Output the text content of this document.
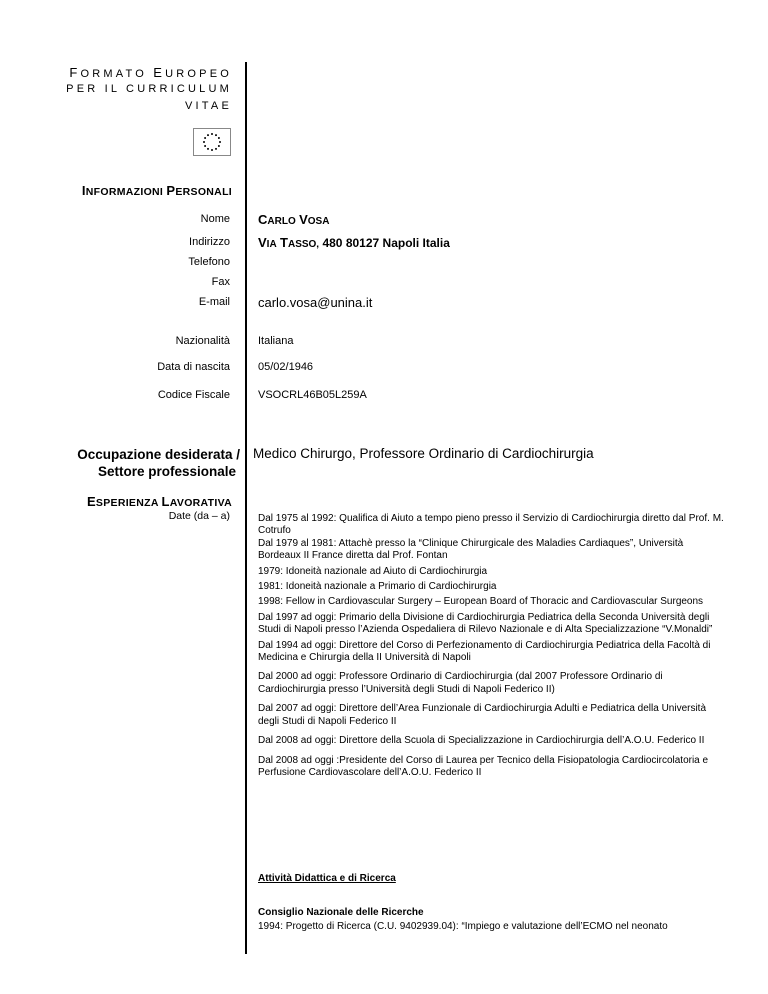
FORMATO EUROPEO
PER IL CURRICULUM
VITAE
INFORMAZIONI PERSONALI
Nome CARLO VOSA
Indirizzo VIA TASSO, 480 80127 Napoli Italia
Telefono
Fax
E-mail carlo.vosa@unina.it
Nazionalità	Italiana
Data di nascita	05/02/1946
Codice Fiscale	VSOCRL46B05L259A
Occupazione desiderata /
Settore professionale
Medico Chirurgo, Professore Ordinario di Cardiochirurgia
ESPERIENZA LAVORATIVA
Date (da – a)	Dal 1975 al 1992: Qualifica di Aiuto a tempo pieno presso il Servizio di Cardiochirurgia diretto dal Prof. M. Cotrufo
Dal 1979 al 1981: Attachè presso la “Clinique Chirurgicale des Maladies Cardiaques”, Università Bordeaux II France diretta dal Prof. Fontan
1979: Idoneità nazionale ad Aiuto di Cardiochirurgia
1981: Idoneità nazionale a Primario di Cardiochirurgia
1998: Fellow in Cardiovascular Surgery – European Board of Thoracic and Cardiovascular Surgeons
Dal 1997 ad oggi: Primario della Divisione di Cardiochirurgia Pediatrica della Seconda Università degli Studi di Napoli presso l’Azienda Ospedaliera di Rilevo Nazionale e di Alta Specializzazione “V.Monaldi”
Dal 1994 ad oggi: Direttore del Corso di Perfezionamento di Cardiochirurgia Pediatrica della Facoltà di Medicina e Chirurgia della II Università di Napoli
Dal 2000 ad oggi: Professore Ordinario di Cardiochirurgia (dal 2007 Professore Ordinario di Cardiochirurgia presso l’Università degli Studi di Napoli Federico II)
Dal 2007 ad oggi: Direttore dell’Area Funzionale di Cardiochirurgia Adulti e Pediatrica della Università degli Studi di Napoli Federico II
Dal 2008 ad oggi: Direttore della Scuola di Specializzazione in Cardiochirurgia dell’A.O.U. Federico II
Dal 2008 ad oggi :Presidente del Corso di Laurea per Tecnico della Fisiopatologia Cardiocircolatoria e Perfusione Cardiovascolare dell’A.O.U. Federico II
Attività Didattica e di Ricerca
Consiglio Nazionale delle Ricerche
1994: Progetto di Ricerca (C.U. 9402939.04): “Impiego e valutazione dell’ECMO nel neonato
